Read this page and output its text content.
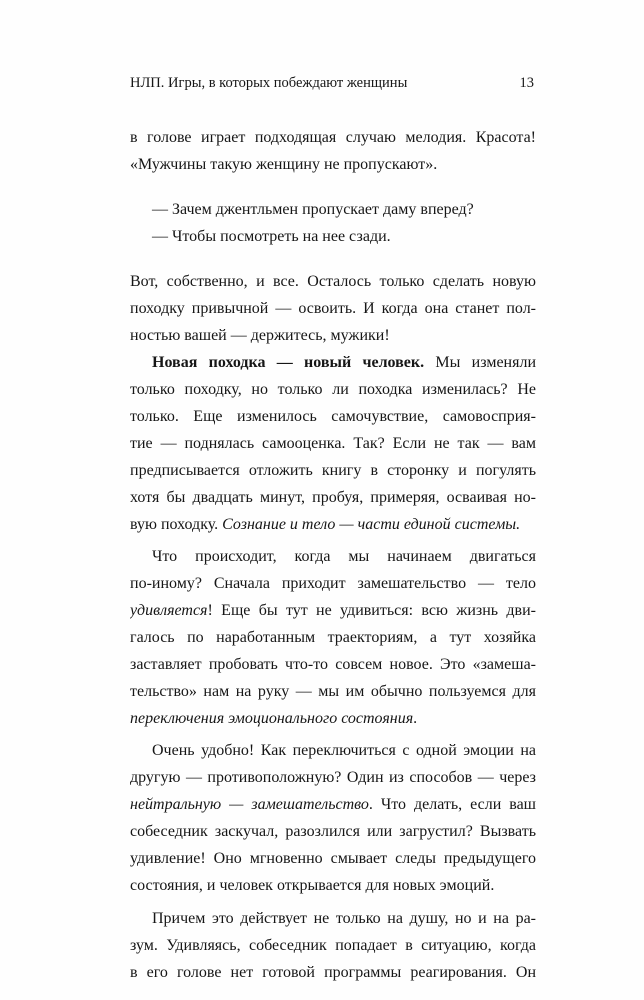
НЛП. Игры, в которых побеждают женщины	13
в голове играет подходящая случаю мелодия. Красота!
«Мужчины такую женщину не пропускают».
— Зачем джентльмен пропускает даму вперед?
— Чтобы посмотреть на нее сзади.
Вот, собственно, и все. Осталось только сделать новую
походку привычной — освоить. И когда она станет пол-
ностью вашей — держитесь, мужики!
Новая походка — новый человек. Мы изменяли
только походку, но только ли походка изменилась? Не
только. Еще изменилось самочувствие, самовосприя-
тие — поднялась самооценка. Так? Если не так — вам
предписывается отложить книгу в сторонку и погулять
хотя бы двадцать минут, пробуя, примеряя, осваивая но-
вую походку. Сознание и тело — части единой системы.
Что происходит, когда мы начинаем двигаться
по-иному? Сначала приходит замешательство — тело
удивляется! Еще бы тут не удивиться: всю жизнь дви-
галось по наработанным траекториям, а тут хозяйка
заставляет пробовать что-то совсем новое. Это «замеша-
тельство» нам на руку — мы им обычно пользуемся для
переключения эмоционального состояния.
Очень удобно! Как переключиться с одной эмоции на
другую — противоположную? Один из способов — через
нейтральную — замешательство. Что делать, если ваш
собеседник заскучал, разозлился или загрустил? Вызвать
удивление! Оно мгновенно смывает следы предыдущего
состояния, и человек открывается для новых эмоций.
Причем это действует не только на душу, но и на ра-
зум. Удивляясь, собеседник попадает в ситуацию, когда
в его голове нет готовой программы реагирования. Он
